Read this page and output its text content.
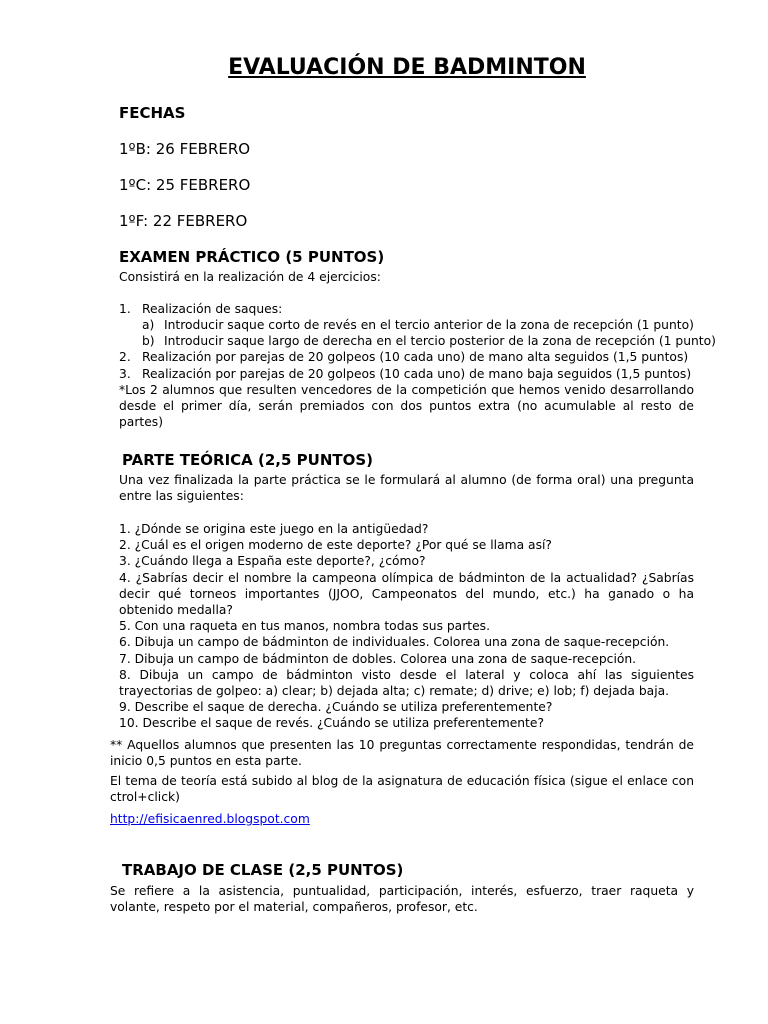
EVALUACIÓN DE BADMINTON
FECHAS
1ºB: 26 FEBRERO
1ºC: 25 FEBRERO
1ºF: 22 FEBRERO
EXAMEN PRÁCTICO (5 PUNTOS)
Consistirá en la realización de 4 ejercicios:
1. Realización de saques:
a) Introducir saque corto de revés en el tercio anterior de la zona de recepción (1 punto)
b) Introducir saque largo de derecha en el tercio posterior de la zona de recepción (1 punto)
2. Realización por parejas de 20 golpeos (10 cada uno) de mano alta seguidos (1,5 puntos)
3. Realización por parejas de 20 golpeos (10 cada uno) de mano baja seguidos (1,5 puntos)
*Los 2 alumnos que resulten vencedores de la competición que hemos venido desarrollando desde el primer día, serán premiados con dos puntos extra (no acumulable al resto de partes)
PARTE TEÓRICA (2,5 PUNTOS)
Una vez finalizada la parte práctica se le formulará al alumno (de forma oral) una pregunta entre las siguientes:
1. ¿Dónde se origina este juego en la antigüedad?
2. ¿Cuál es el origen moderno de este deporte? ¿Por qué se llama así?
3. ¿Cuándo llega a España este deporte?, ¿cómo?
4. ¿Sabrías decir el nombre la campeona olímpica de bádminton de la actualidad? ¿Sabrías decir qué torneos importantes (JJOO, Campeonatos del mundo, etc.) ha ganado o ha obtenido medalla?
5. Con una raqueta en tus manos, nombra todas sus partes.
6. Dibuja un campo de bádminton de individuales. Colorea una zona de saque-recepción.
7. Dibuja un campo de bádminton de dobles. Colorea una zona de saque-recepción.
8. Dibuja un campo de bádminton visto desde el lateral y coloca ahí las siguientes trayectorias de golpeo: a) clear; b) dejada alta; c) remate; d) drive; e) lob; f) dejada baja.
9. Describe el saque de derecha. ¿Cuándo se utiliza preferentemente?
10. Describe el saque de revés. ¿Cuándo se utiliza preferentemente?
** Aquellos alumnos que presenten las 10 preguntas correctamente respondidas, tendrán de inicio 0,5 puntos en esta parte.
El tema de teoría está subido al blog de la asignatura de educación física (sigue el enlace con ctrol+click)
http://efisicaenred.blogspot.com
TRABAJO DE CLASE (2,5 PUNTOS)
Se refiere a la asistencia, puntualidad, participación, interés, esfuerzo, traer raqueta y volante, respeto por el material, compañeros, profesor, etc.
